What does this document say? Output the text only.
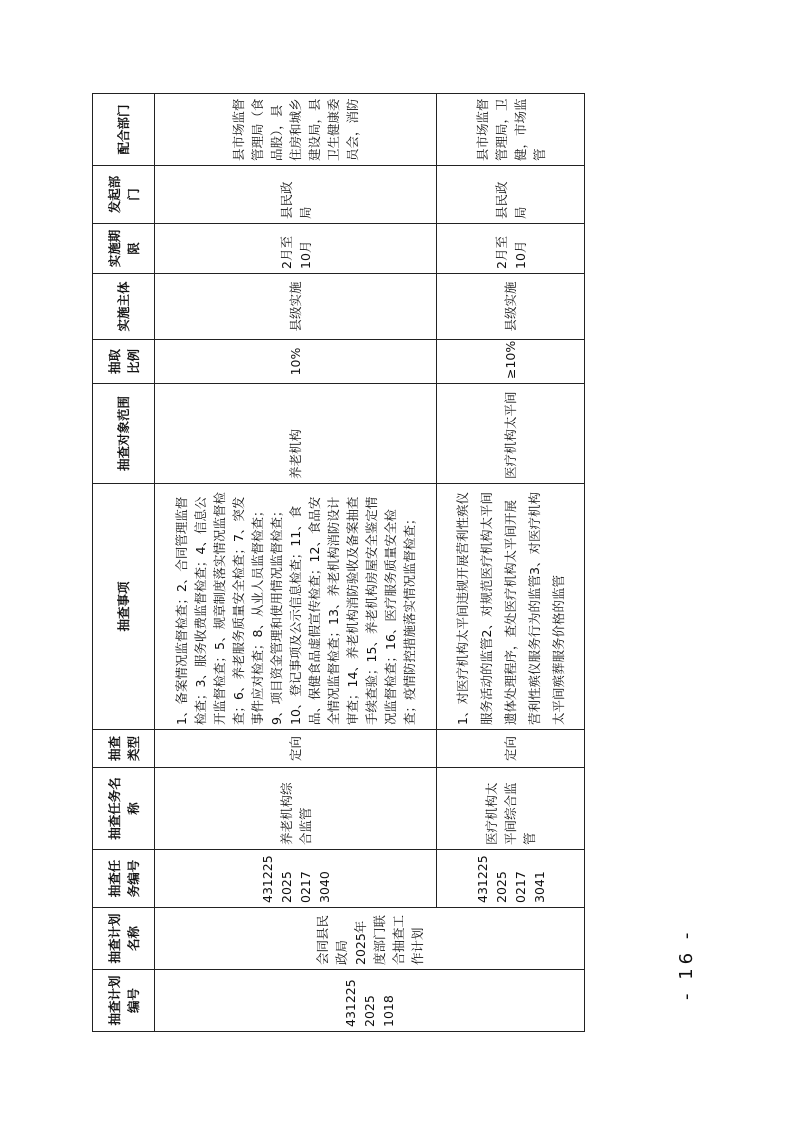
抽查计划编号	抽查计划名称	抽查任务编号	抽查任务名称	抽查类型	抽查事项	抽查对象范围	抽取比例	实施主体	实施期限	发起部门	配合部门
431225 2025 1018	会同县民政局2025年度部门联合抽查工作计划	431225 2025 0217 3040	养老机构综合监管	定向	1、备案情况监督检查；2、合同管理监督检查；3、服务收费监督检查；4、信息公开监督检查；5、规章制度落实情况监督检查；6、养老服务质量安全检查；7、突发事件应对检查；8、从业人员监督检查；9、项目资金管理和使用情况监督检查；10、登记事项及公示信息检查；11、食品、保健食品虚假宣传检查；12、食品安全情况监督检查；13、养老机构消防设计审查；14、养老机构消防验收及备案抽查手续查验；15、养老机构房屋安全鉴定情况监督检查；16、医疗服务质量安全检查；疫情防控措施落实情况监督检查；	养老机构	10%	县级实施	2月至10月	县民政局	县市场监督管理局（食品股），县住房和城乡建设局，县卫生健康委员会，消防
		431225 2025 0217 3041	医疗机构太平间综合监管	定向	1、对医疗机构太平间违规开展营利性殡仪服务活动的监管2、对规范医疗机构太平间遗体处理程序，查处医疗机构太平间开展营利性殡仪服务行为的监管3、对医疗机构太平间殡葬服务价格的监管	医疗机构太平间	≥10%	县级实施	2月至10月	县民政局	县市场监督管理局，卫健，市场监管
- 16 -
